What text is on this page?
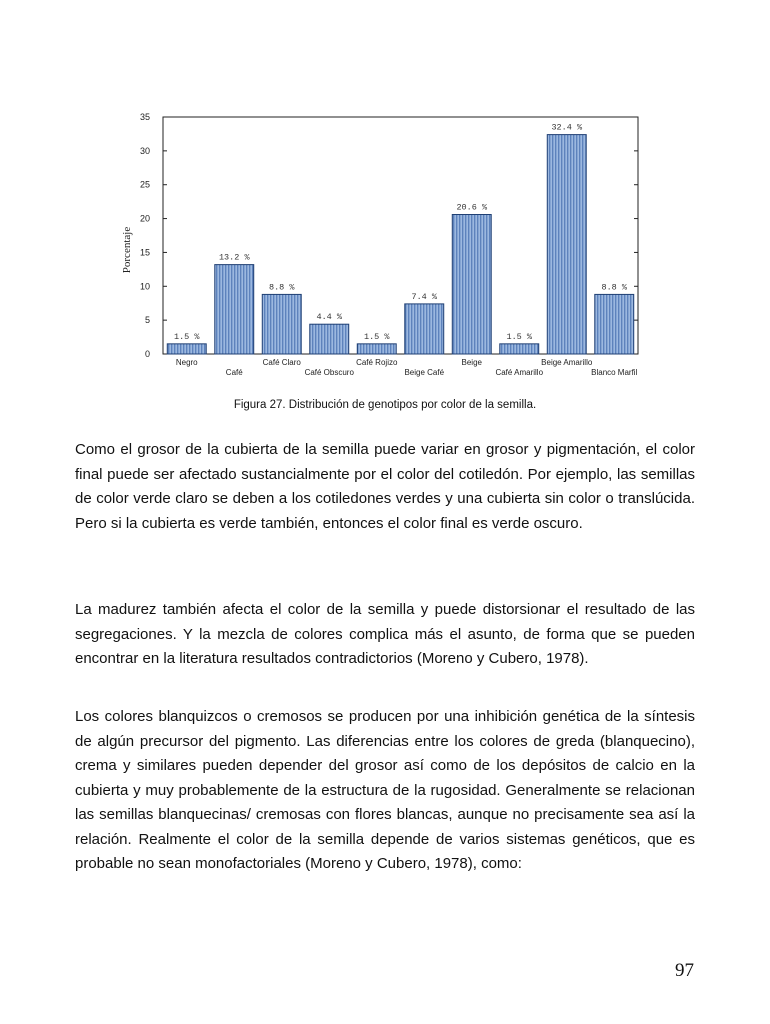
0
5
10
15
20
25
30
35
1.5 %
13.2 %
8.8 %
4.4 %
1.5 %
7.4 %
20.6 %
1.5 %
32.4 %
8.8 %
Negro
Café
Café Claro
Café Obscuro
Café Rojizo
Beige Café
Beige
Café Amarillo
Beige Amarillo
Blanco Marfil
Porcentaje
Figura 27. Distribución de genotipos por color de la semilla.

Como el grosor de la cubierta de la semilla puede variar en grosor y pigmentación, el color final puede ser afectado sustancialmente por el color del cotiledón. Por ejemplo, las semillas de color verde claro se deben a los cotiledones verdes y una cubierta sin color o translúcida. Pero si la cubierta es verde también, entonces el color final es verde oscuro.

La madurez también afecta el color de la semilla y puede distorsionar el resultado de las segregaciones. Y la mezcla de colores complica más el asunto, de forma que se pueden encontrar en la literatura resultados contradictorios (Moreno y Cubero, 1978).

Los colores blanquizcos o cremosos se producen por una inhibición genética de la síntesis de algún precursor del pigmento. Las diferencias entre los colores de greda (blanquecino), crema y similares pueden depender del grosor así como de los depósitos de calcio en la cubierta y muy probablemente de la estructura de la rugosidad. Generalmente se relacionan las semillas blanquecinas/ cremosas con flores blancas, aunque no precisamente sea así la relación. Realmente el color de la semilla depende de varios sistemas genéticos, que es probable no sean monofactoriales (Moreno y Cubero, 1978), como:

97
